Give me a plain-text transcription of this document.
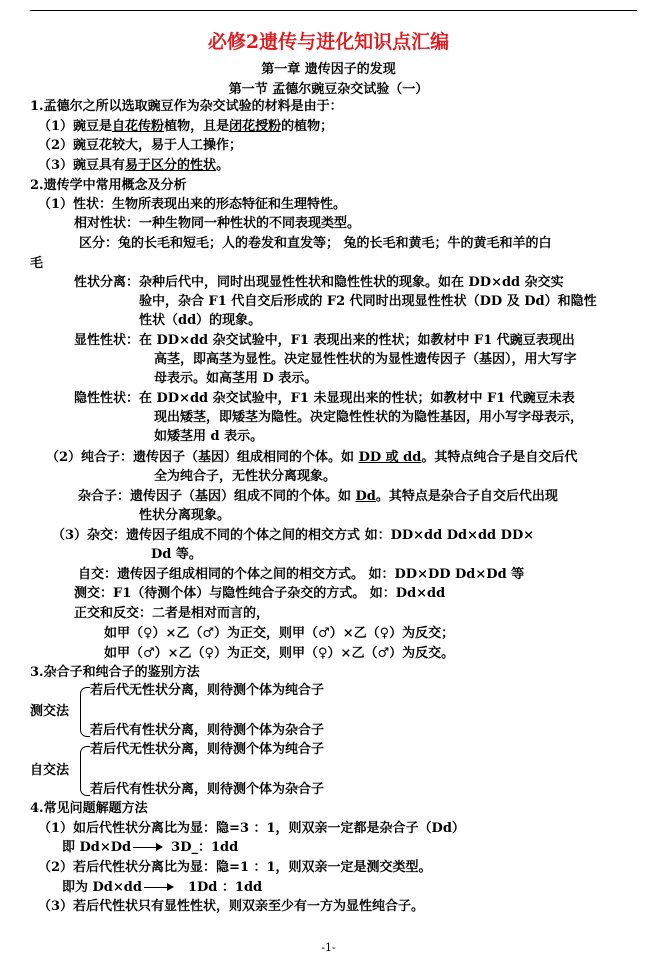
必修2遗传与进化知识点汇编
第一章 遗传因子的发现
第一节 孟德尔豌豆杂交试验（一）
1.孟德尔之所以选取豌豆作为杂交试验的材料是由于：
（1）豌豆是自花传粉植物，且是闭花授粉的植物；
（2）豌豆花较大，易于人工操作；
（3）豌豆具有易于区分的性状。
2.遗传学中常用概念及分析
（1）性状：生物所表现出来的形态特征和生理特性。
相对性状：一种生物同一种性状的不同表现类型。
区分：兔的长毛和短毛；人的卷发和直发等； 兔的长毛和黄毛；牛的黄毛和羊的白
毛
性状分离：杂种后代中，同时出现显性性状和隐性性状的现象。如在 DD×dd 杂交实
验中，杂合 F1 代自交后形成的 F2 代同时出现显性性状（DD 及 Dd）和隐性
性状（dd）的现象。
显性性状：在 DD×dd 杂交试验中，F1 表现出来的性状；如教材中 F1 代豌豆表现出
高茎，即高茎为显性。决定显性性状的为显性遗传因子（基因），用大写字
母表示。如高茎用 D 表示。
隐性性状：在 DD×dd 杂交试验中，F1 未显现出来的性状；如教材中 F1 代豌豆未表
现出矮茎，即矮茎为隐性。决定隐性性状的为隐性基因，用小写字母表示，
如矮茎用 d 表示。
（2）纯合子：遗传因子（基因）组成相同的个体。如 DD 或 dd。其特点纯合子是自交后代
全为纯合子，无性状分离现象。
杂合子：遗传因子（基因）组成不同的个体。如 Dd。其特点是杂合子自交后代出现
性状分离现象。
（3）杂交：遗传因子组成不同的个体之间的相交方式 如：DD×dd Dd×dd DD×
Dd 等。
自交：遗传因子组成相同的个体之间的相交方式。 如：DD×DD Dd×Dd 等
测交：F1（待测个体）与隐性纯合子杂交的方式。 如：Dd×dd
正交和反交：二者是相对而言的，
如甲（♀）×乙（♂）为正交，则甲（♂）×乙（♀）为反交；
如甲（♂）×乙（♀）为正交，则甲（♀）×乙（♂）为反交。
3.杂合子和纯合子的鉴别方法
测交法
若后代无性状分离，则待测个体为纯合子
若后代有性状分离，则待测个体为杂合子
自交法
若后代无性状分离，则待测个体为纯合子
若后代有性状分离，则待测个体为杂合子
4.常见问题解题方法
（1）如后代性状分离比为显：隐=3 ：1，则双亲一定都是杂合子（Dd）
即 Dd×Dd	3D_：1dd
（2）若后代性状分离比为显：隐=1 ：1，则双亲一定是测交类型。
即为 Dd×dd	1Dd ：1dd
（3）若后代性状只有显性性状，则双亲至少有一方为显性纯合子。
-1-
